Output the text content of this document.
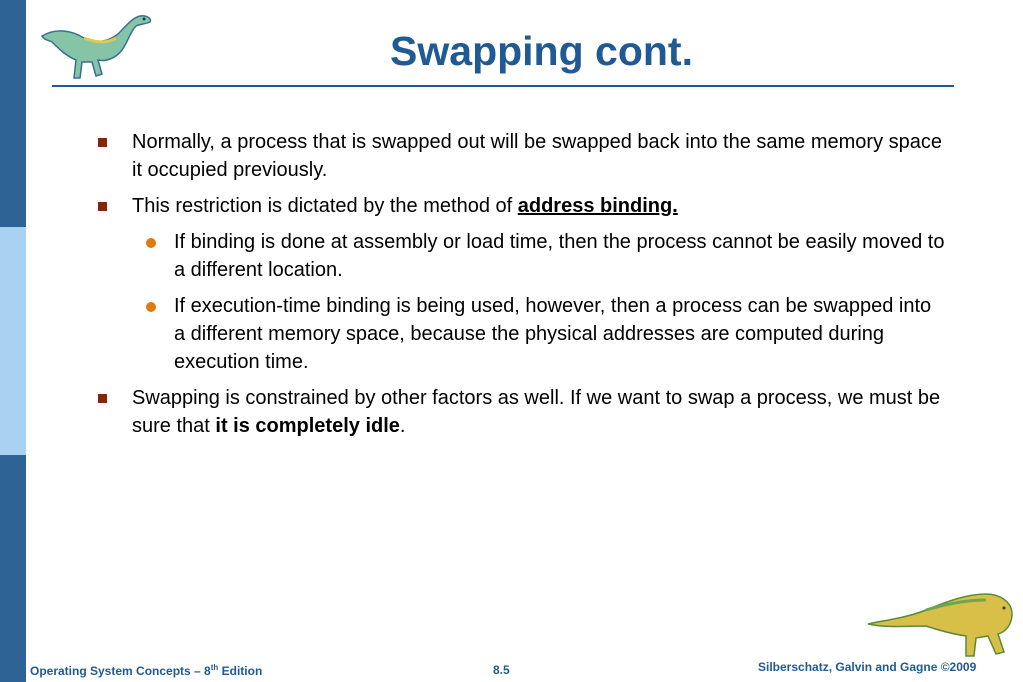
Swapping cont.
Normally, a process that is swapped out will be swapped back into the same memory space it occupied previously.
This restriction is dictated by the method of address binding.
If binding is done at assembly or load time, then the process cannot be easily moved to a different location.
If execution-time binding is being used, however, then a process can be swapped into a different memory space, because the physical addresses are computed during execution time.
Swapping is constrained by other factors as well. If we want to swap a process, we must be sure that it is completely idle.
Operating System Concepts – 8th Edition	8.5	Silberschatz, Galvin and Gagne ©2009
